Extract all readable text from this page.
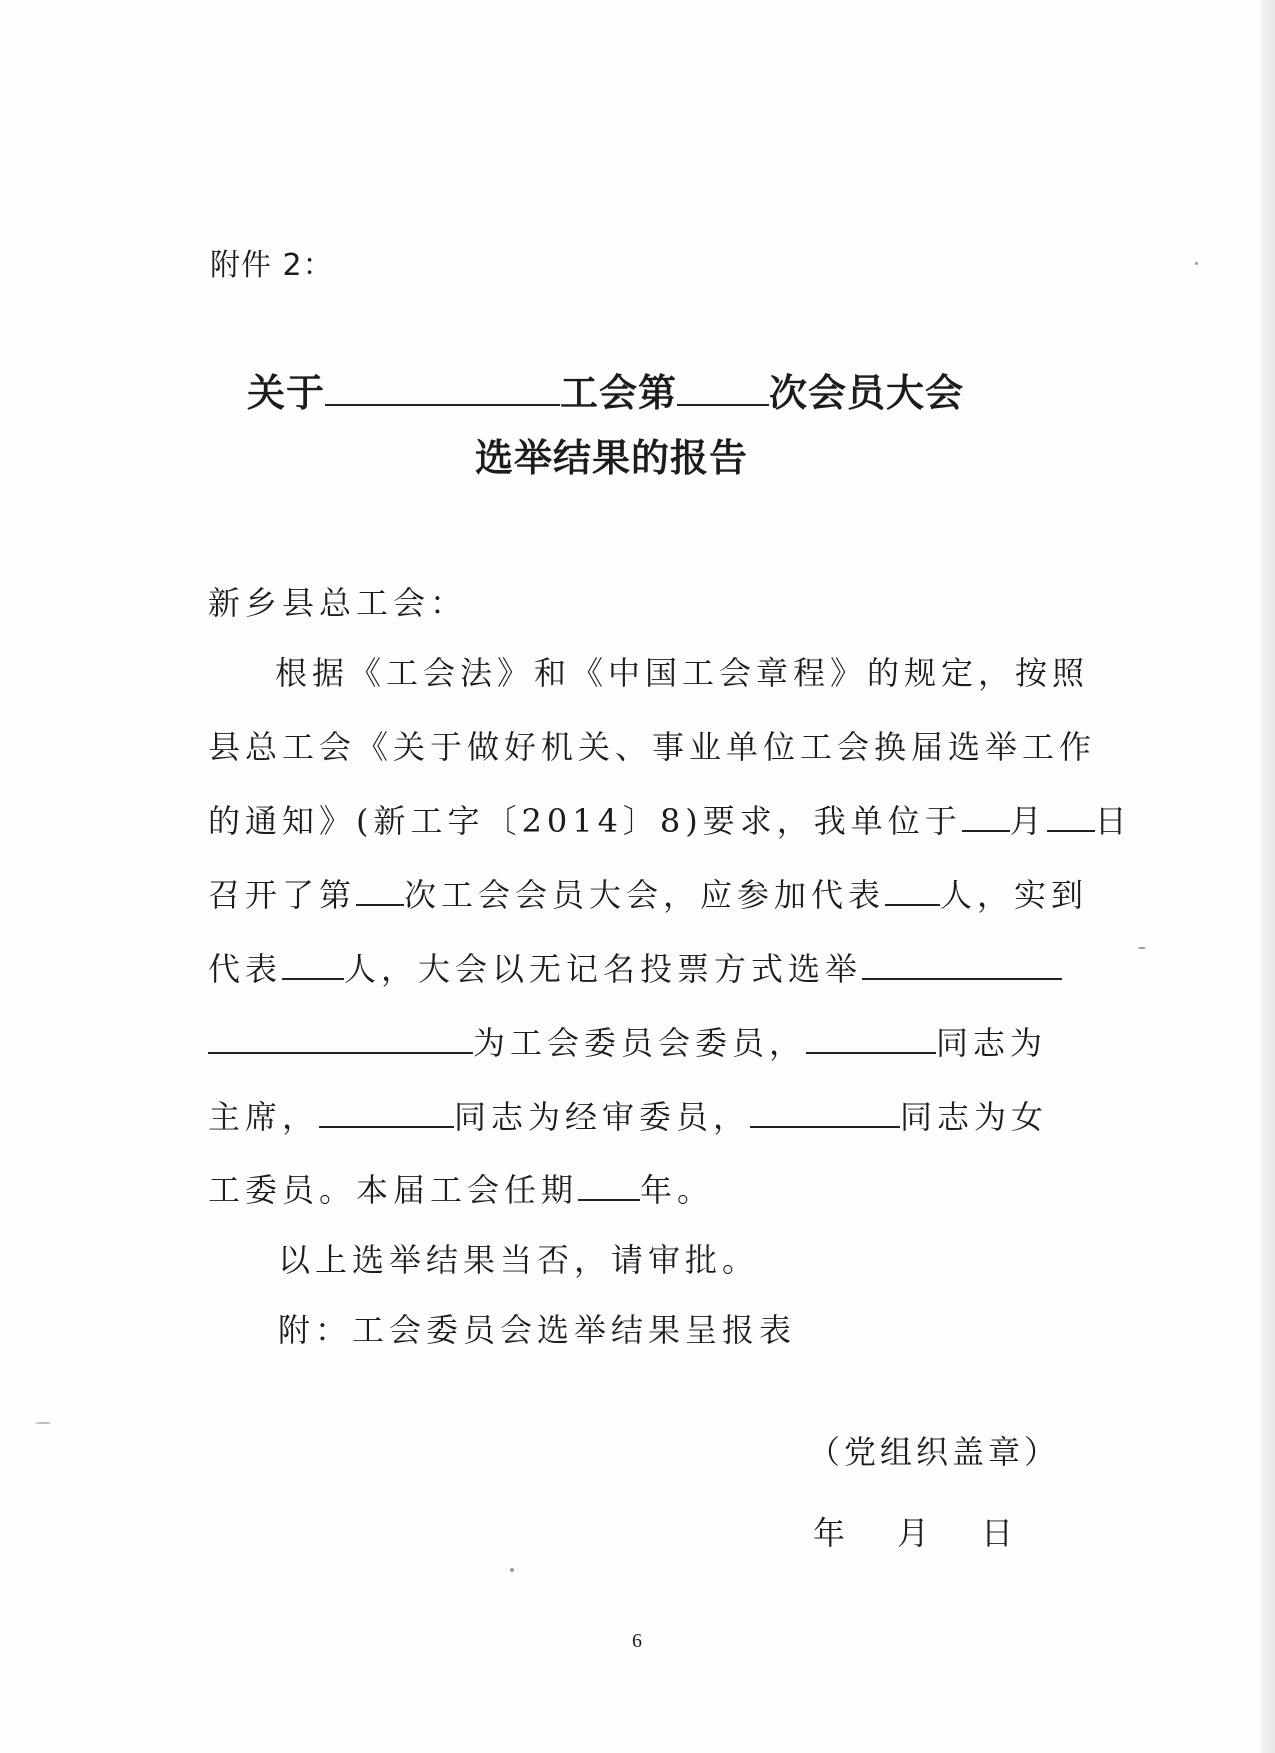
附件 2：
关于	工会第 次会员大会
选举结果的报告
新乡县总工会：
根据《工会法》和《中国工会章程》的规定，按照
县总工会《关于做好机关、事业单位工会换届选举工作
的通知》(新工字〔2014〕8)要求，我单位于 月 日
召开了第 次工会会员大会，应参加代表 人，实到
代表 人，大会以无记名投票方式选举
为工会委员会委员，	同志为
主席，	同志为经审委员，	同志为女
工委员。本届工会任期 年。
以上选举结果当否，请审批。
附：工会委员会选举结果呈报表
（党组织盖章）
年 月 日
6
